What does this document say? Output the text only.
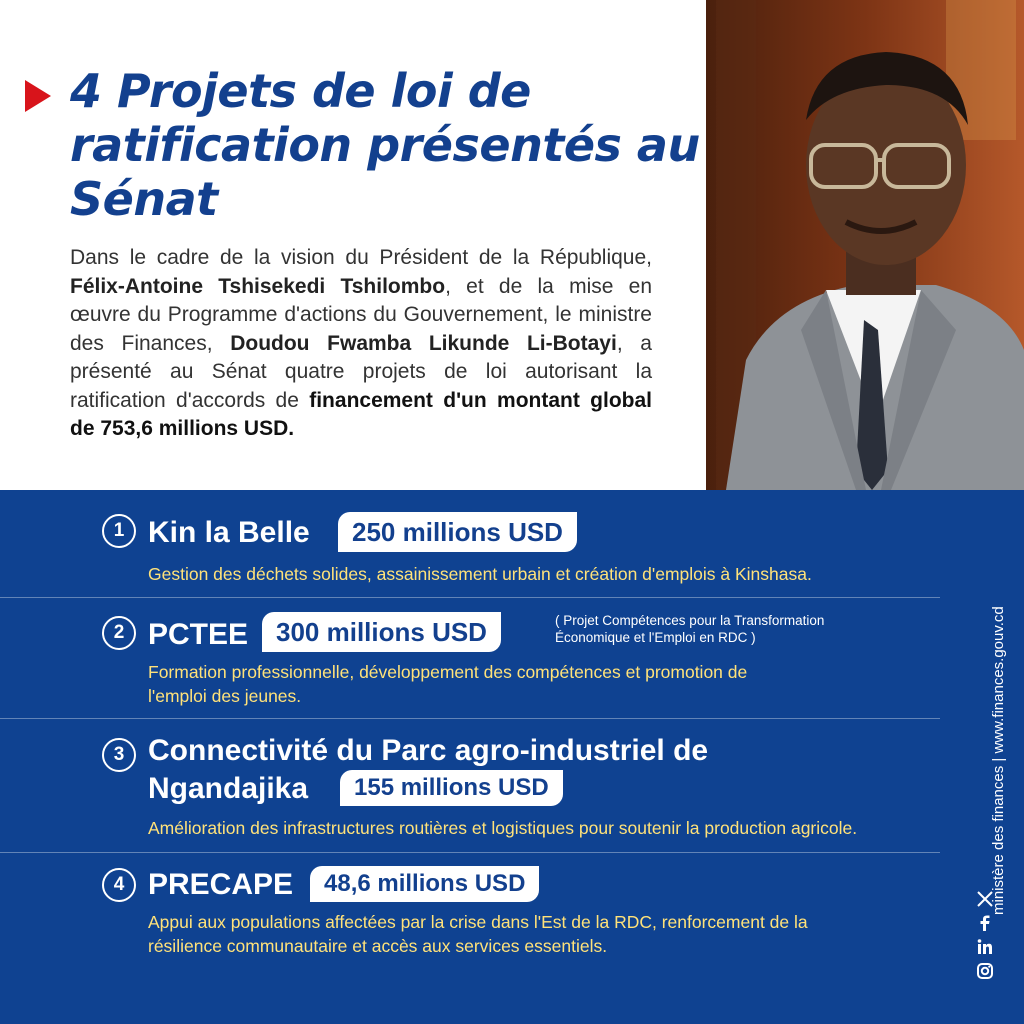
4 Projets de loi de ratification présentés au Sénat

Dans le cadre de la vision du Président de la République, Félix-Antoine Tshisekedi Tshilombo, et de la mise en œuvre du Programme d'actions du Gouvernement, le ministre des Finances, Doudou Fwamba Likunde Li-Botayi, a présenté au Sénat quatre projets de loi autorisant la ratification d'accords de financement d'un montant global de 753,6 millions USD.

1 Kin la Belle	250 millions USD
Gestion des déchets solides, assainissement urbain et création d'emplois à Kinshasa.
2 PCTEE	300 millions USD	( Projet Compétences pour la Transformation Économique et l'Emploi en RDC )
Formation professionnelle, développement des compétences et promotion de l'emploi des jeunes.
3 Connectivité du Parc agro-industriel de
Ngandajika	155 millions USD
Amélioration des infrastructures routières et logistiques pour soutenir la production agricole.
4 PRECAPE	48,6 millions USD
Appui aux populations affectées par la crise dans l'Est de la RDC, renforcement de la résilience communautaire et accès aux services essentiels.
ministère des finances | www.finances.gouv.cd
